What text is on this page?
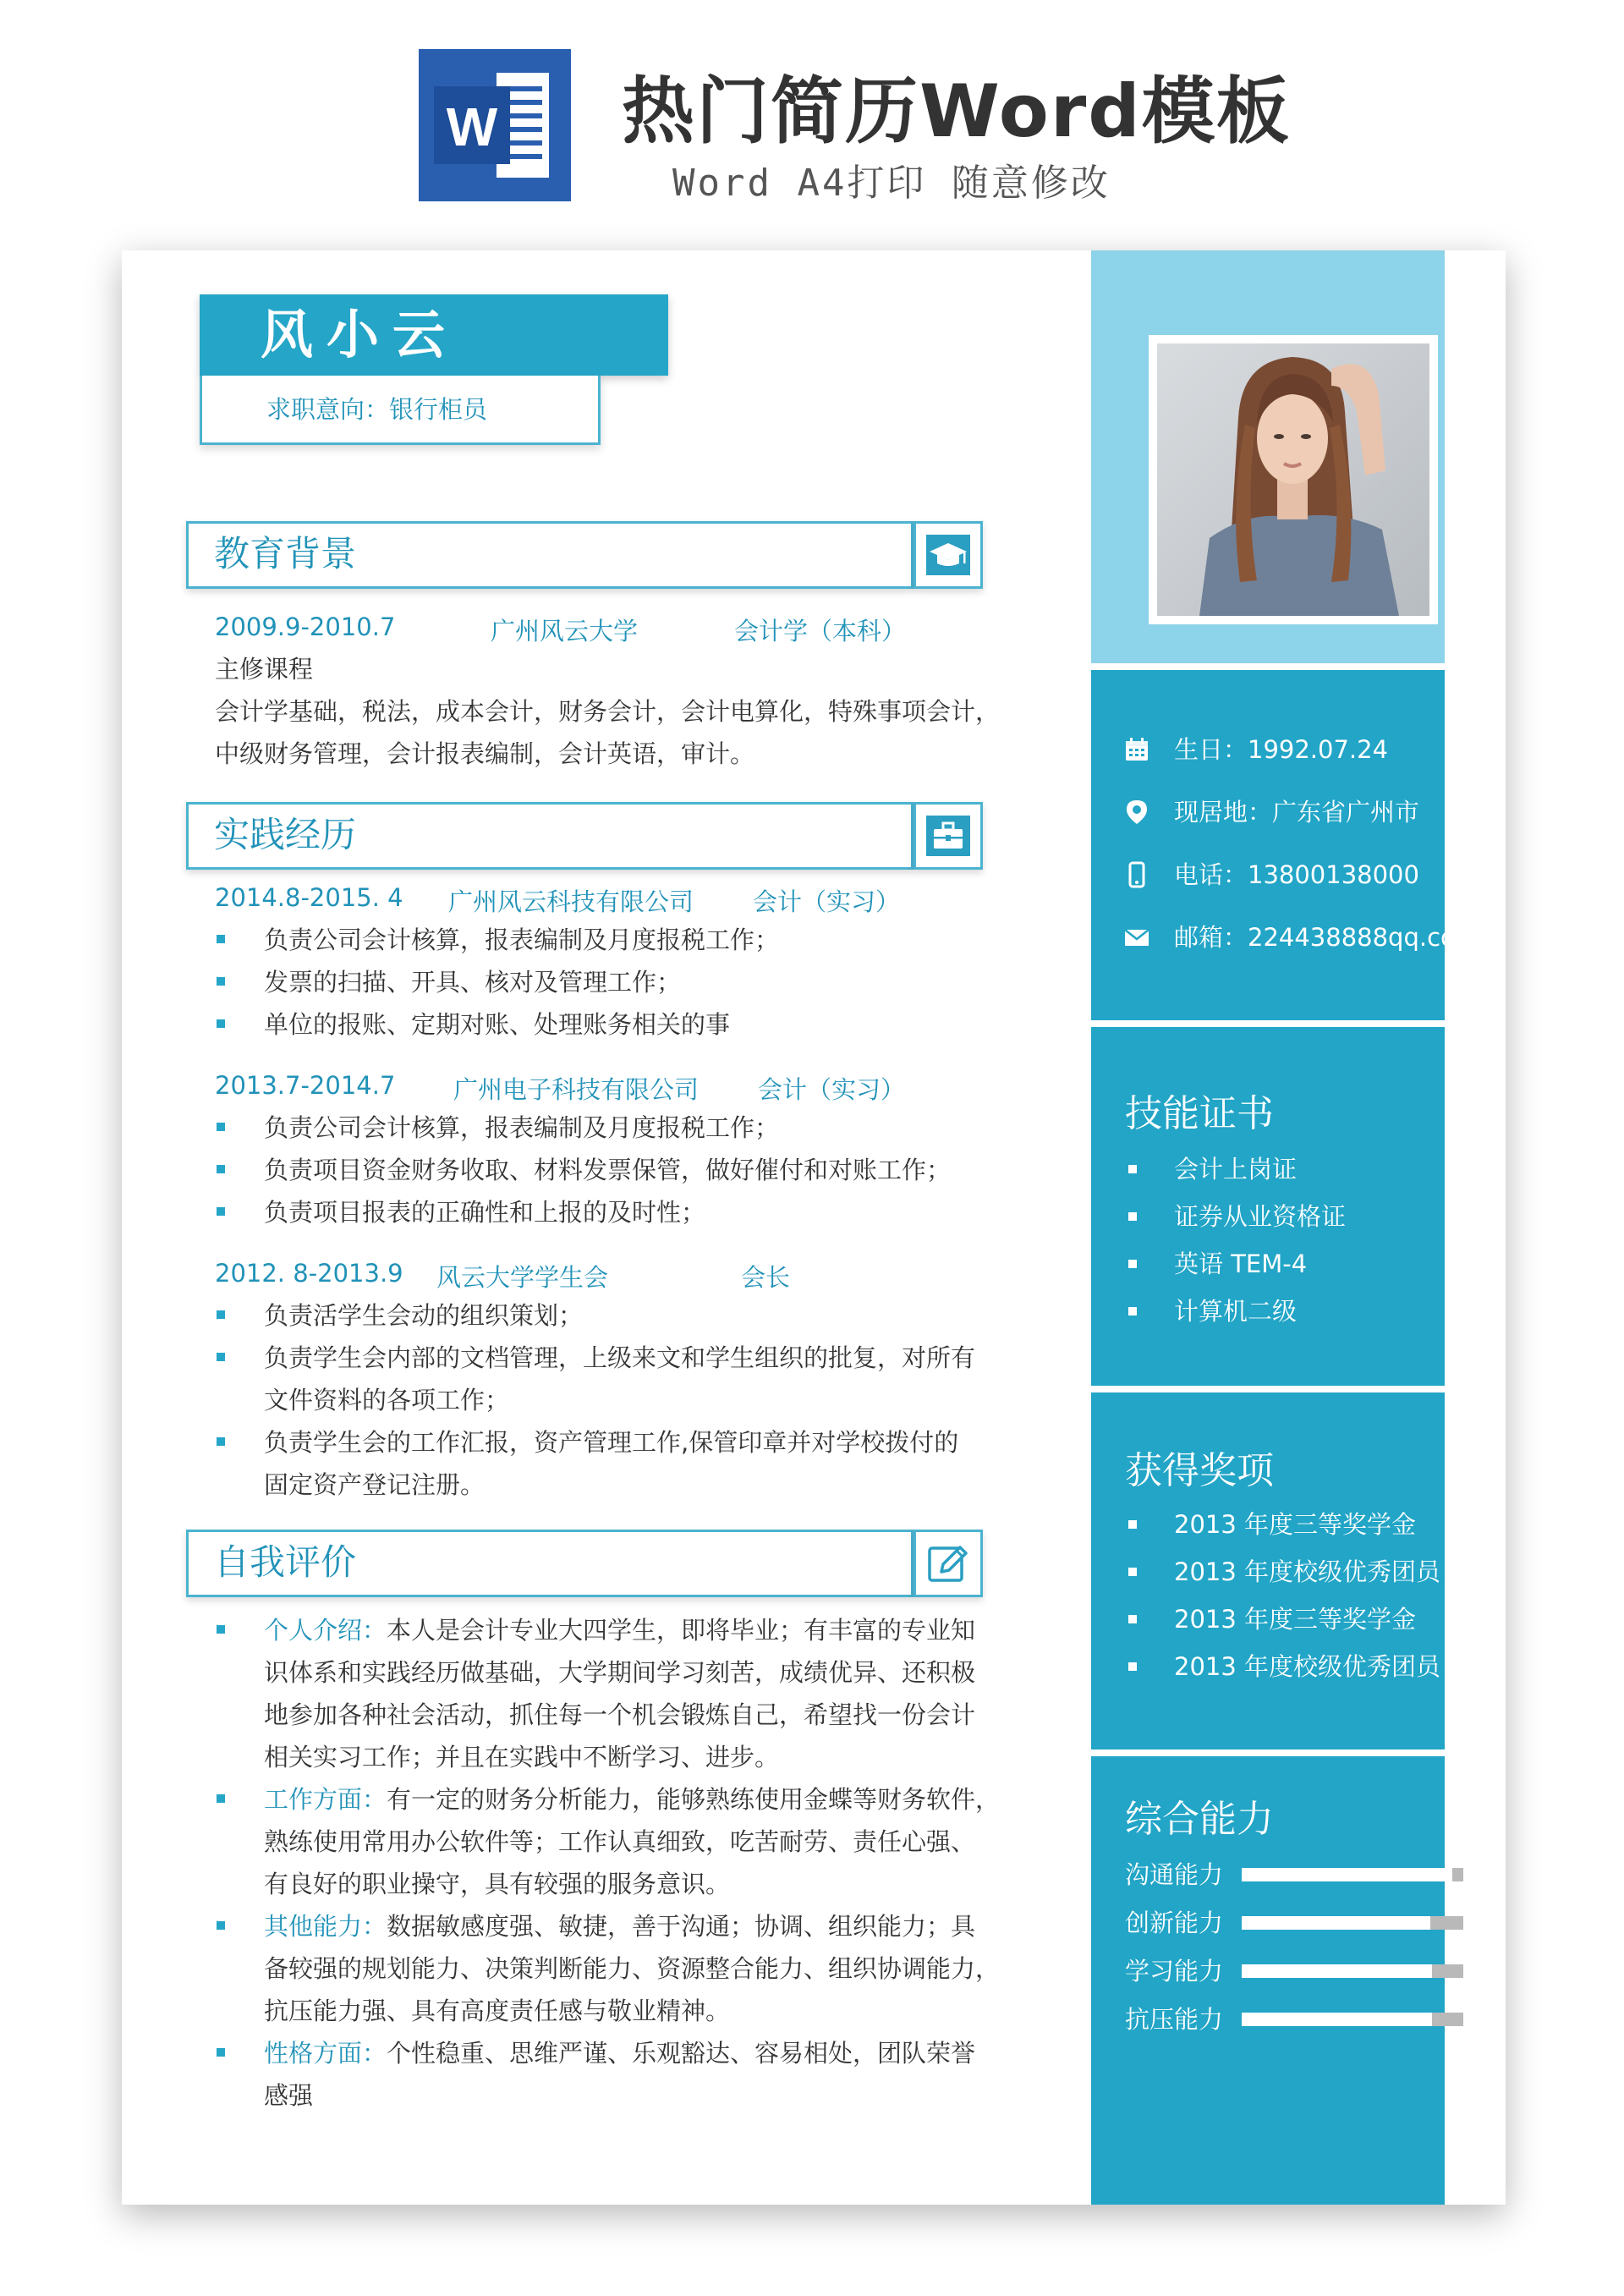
W 热门简历Word模板
Word A4打印 随意修改
风小云
求职意向：银行柜员
教育背景
2009.9-2010.7	广州风云大学	会计学（本科）
主修课程
会计学基础，税法，成本会计，财务会计，会计电算化，特殊事项会计，
中级财务管理，会计报表编制，会计英语，审计。
实践经历
2014.8-2015. 4 广州风云科技有限公司 会计（实习）
负责公司会计核算，报表编制及月度报税工作；
发票的扫描、开具、核对及管理工作；
单位的报账、定期对账、处理账务相关的事
2013.7-2014.7 广州电子科技有限公司 会计（实习）
负责公司会计核算，报表编制及月度报税工作；
负责项目资金财务收取、材料发票保管，做好催付和对账工作；
负责项目报表的正确性和上报的及时性；
2012. 8-2013.9 风云大学学生会	会长
负责活学生会动的组织策划；
负责学生会内部的文档管理，上级来文和学生组织的批复，对所有
文件资料的各项工作；
负责学生会的工作汇报，资产管理工作,保管印章并对学校拨付的
固定资产登记注册。
自我评价
个人介绍：本人是会计专业大四学生，即将毕业；有丰富的专业知
识体系和实践经历做基础，大学期间学习刻苦，成绩优异、还积极
地参加各种社会活动，抓住每一个机会锻炼自己，希望找一份会计
相关实习工作；并且在实践中不断学习、进步。
工作方面：有一定的财务分析能力，能够熟练使用金蝶等财务软件，
熟练使用常用办公软件等；工作认真细致，吃苦耐劳、责任心强、
有良好的职业操守，具有较强的服务意识。
其他能力：数据敏感度强、敏捷，善于沟通；协调、组织能力；具
备较强的规划能力、决策判断能力、资源整合能力、组织协调能力，
抗压能力强、具有高度责任感与敬业精神。
性格方面：个性稳重、思维严谨、乐观豁达、容易相处，团队荣誉
感强
生日：1992.07.24
现居地：广东省广州市
电话：13800138000
邮箱：224438888qq.com
技能证书
会计上岗证
证券从业资格证
英语 TEM-4
计算机二级
获得奖项
2013 年度三等奖学金
2013 年度校级优秀团员
2013 年度三等奖学金
2013 年度校级优秀团员
综合能力
沟通能力
创新能力
学习能力
抗压能力
